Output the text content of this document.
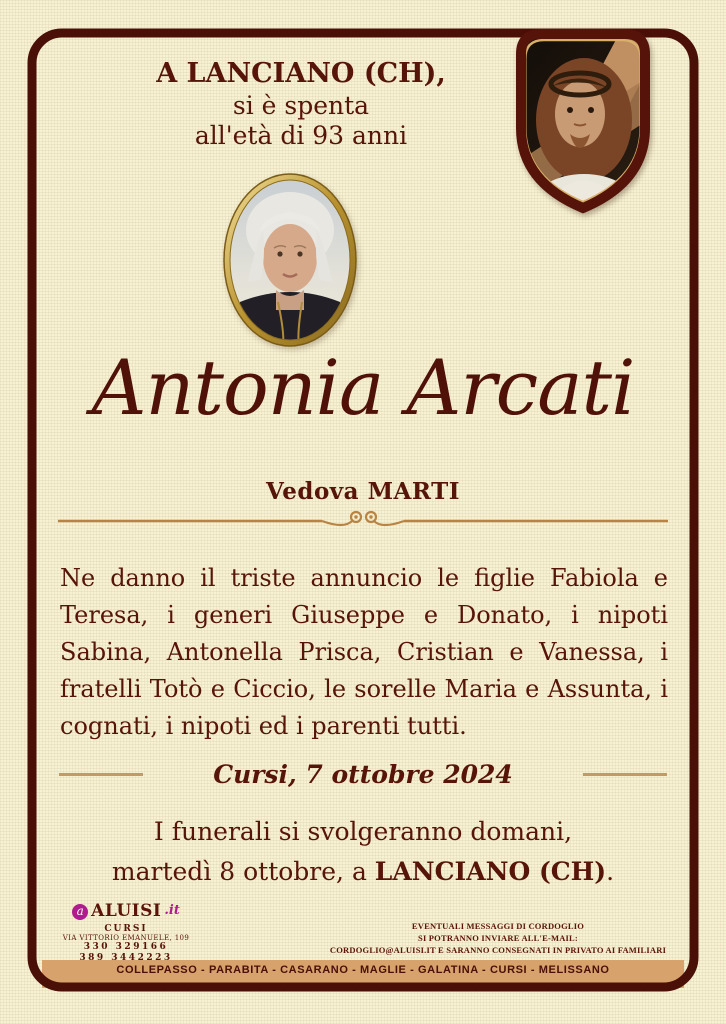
A LANCIANO (CH),
si è spenta
all'età di 93 anni
Antonia Arcati
Vedova MARTI
Ne danno il triste annuncio le figlie Fabiola e Teresa, i generi Giuseppe e Donato, i nipoti Sabina, Antonella Prisca, Cristian e Vanessa, i fratelli Totò e Ciccio, le sorelle Maria e Assunta, i cognati, i nipoti ed i parenti tutti.
Cursi, 7 ottobre 2024
I funerali si svolgeranno domani,
martedì 8 ottobre, a LANCIANO (CH).
a ALUISI .it
CURSI
VIA VITTORIO EMANUELE, 109
330 329166
389 3442223
EVENTUALI MESSAGGI DI CORDOGLIO
SI POTRANNO INVIARE ALL'E-MAIL:
CORDOGLIO@ALUISI.IT E SARANNO CONSEGNATI IN PRIVATO AI FAMILIARI
COLLEPASSO - PARABITA - CASARANO - MAGLIE - GALATINA - CURSI - MELISSANO
